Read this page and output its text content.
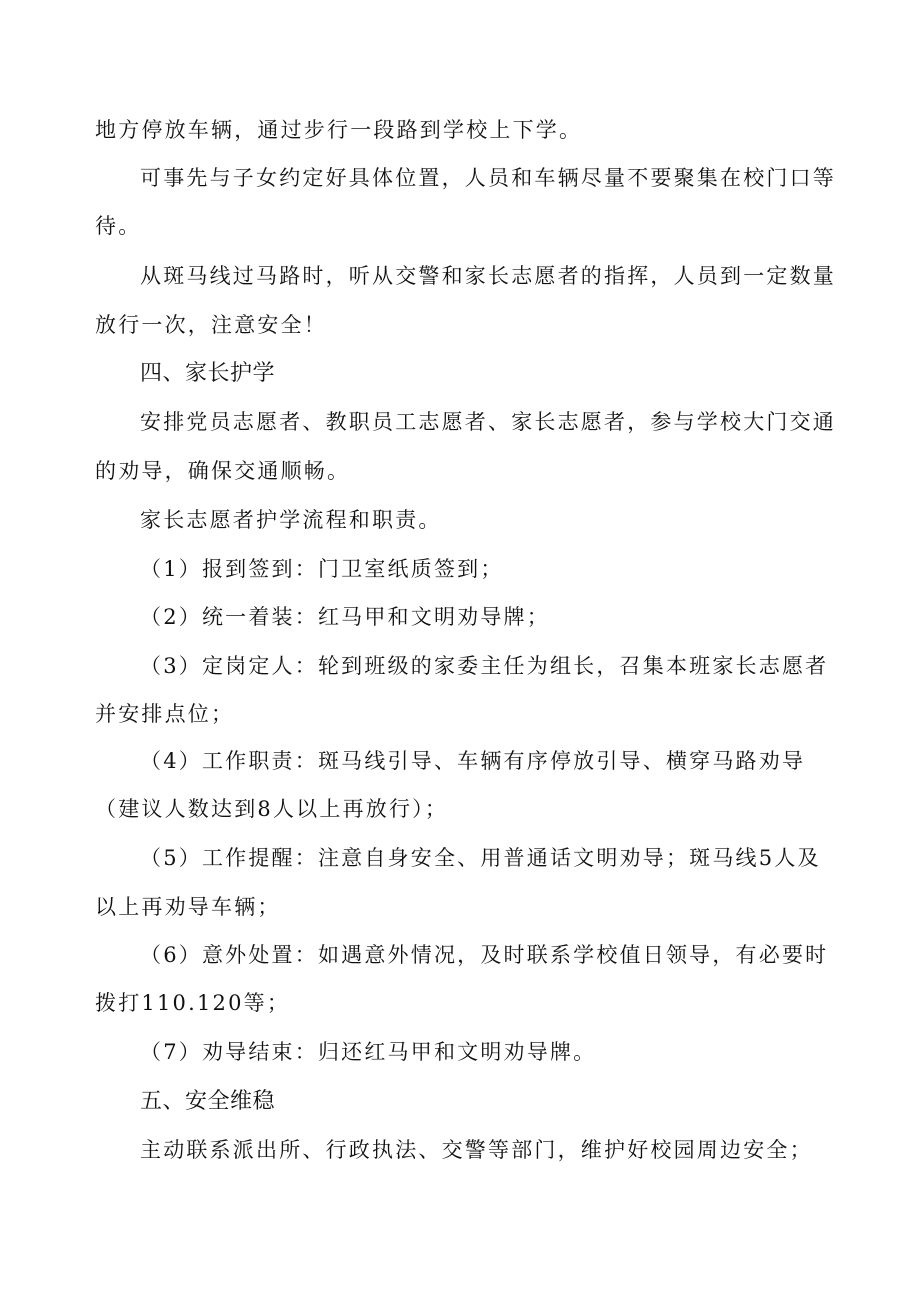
地方停放车辆，通过步行一段路到学校上下学。
可事先与子女约定好具体位置，人员和车辆尽量不要聚集在校门口等
待。
从斑马线过马路时，听从交警和家长志愿者的指挥，人员到一定数量
放行一次，注意安全！
四、家长护学
安排党员志愿者、教职员工志愿者、家长志愿者，参与学校大门交通
的劝导，确保交通顺畅。
家长志愿者护学流程和职责。
（1）报到签到：门卫室纸质签到；
（2）统一着装：红马甲和文明劝导牌；
（3）定岗定人：轮到班级的家委主任为组长，召集本班家长志愿者
并安排点位；
（4）工作职责：斑马线引导、车辆有序停放引导、横穿马路劝导
（建议人数达到8人以上再放行）；
（5）工作提醒：注意自身安全、用普通话文明劝导；斑马线5人及
以上再劝导车辆；
（6）意外处置：如遇意外情况，及时联系学校值日领导，有必要时
拨打110.120等；
（7）劝导结束：归还红马甲和文明劝导牌。
五、安全维稳
主动联系派出所、行政执法、交警等部门，维护好校园周边安全；
